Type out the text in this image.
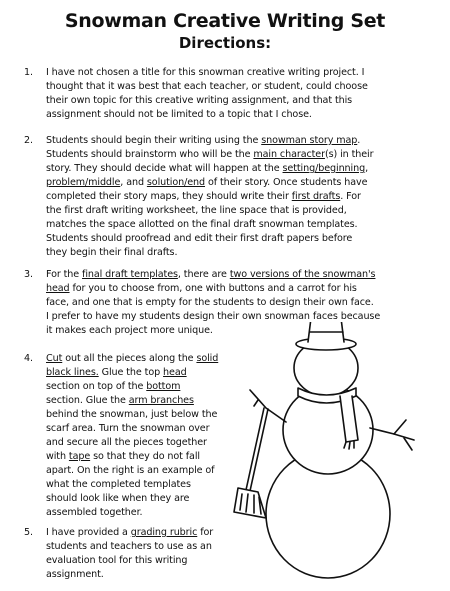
Snowman Creative Writing Set
Directions:
1. I have not chosen a title for this snowman creative writing project. I
thought that it was best that each teacher, or student, could choose
their own topic for this creative writing assignment, and that this
assignment should not be limited to a topic that I chose.
2. Students should begin their writing using the snowman story map.
Students should brainstorm who will be the main character(s) in their
story. They should decide what will happen at the setting/beginning,
problem/middle, and solution/end of their story. Once students have
completed their story maps, they should write their first drafts. For
the first draft writing worksheet, the line space that is provided,
matches the space allotted on the final draft snowman templates.
Students should proofread and edit their first draft papers before
they begin their final drafts.
3. For the final draft templates, there are two versions of the snowman's
head for you to choose from, one with buttons and a carrot for his
face, and one that is empty for the students to design their own face.
I prefer to have my students design their own snowman faces because
it makes each project more unique.
4. Cut out all the pieces along the solid
black lines. Glue the top head
section on top of the bottom
section. Glue the arm branches
behind the snowman, just below the
scarf area. Turn the snowman over
and secure all the pieces together
with tape so that they do not fall
apart. On the right is an example of
what the completed templates
should look like when they are
assembled together.
5. I have provided a grading rubric for
students and teachers to use as an
evaluation tool for this writing
assignment.
